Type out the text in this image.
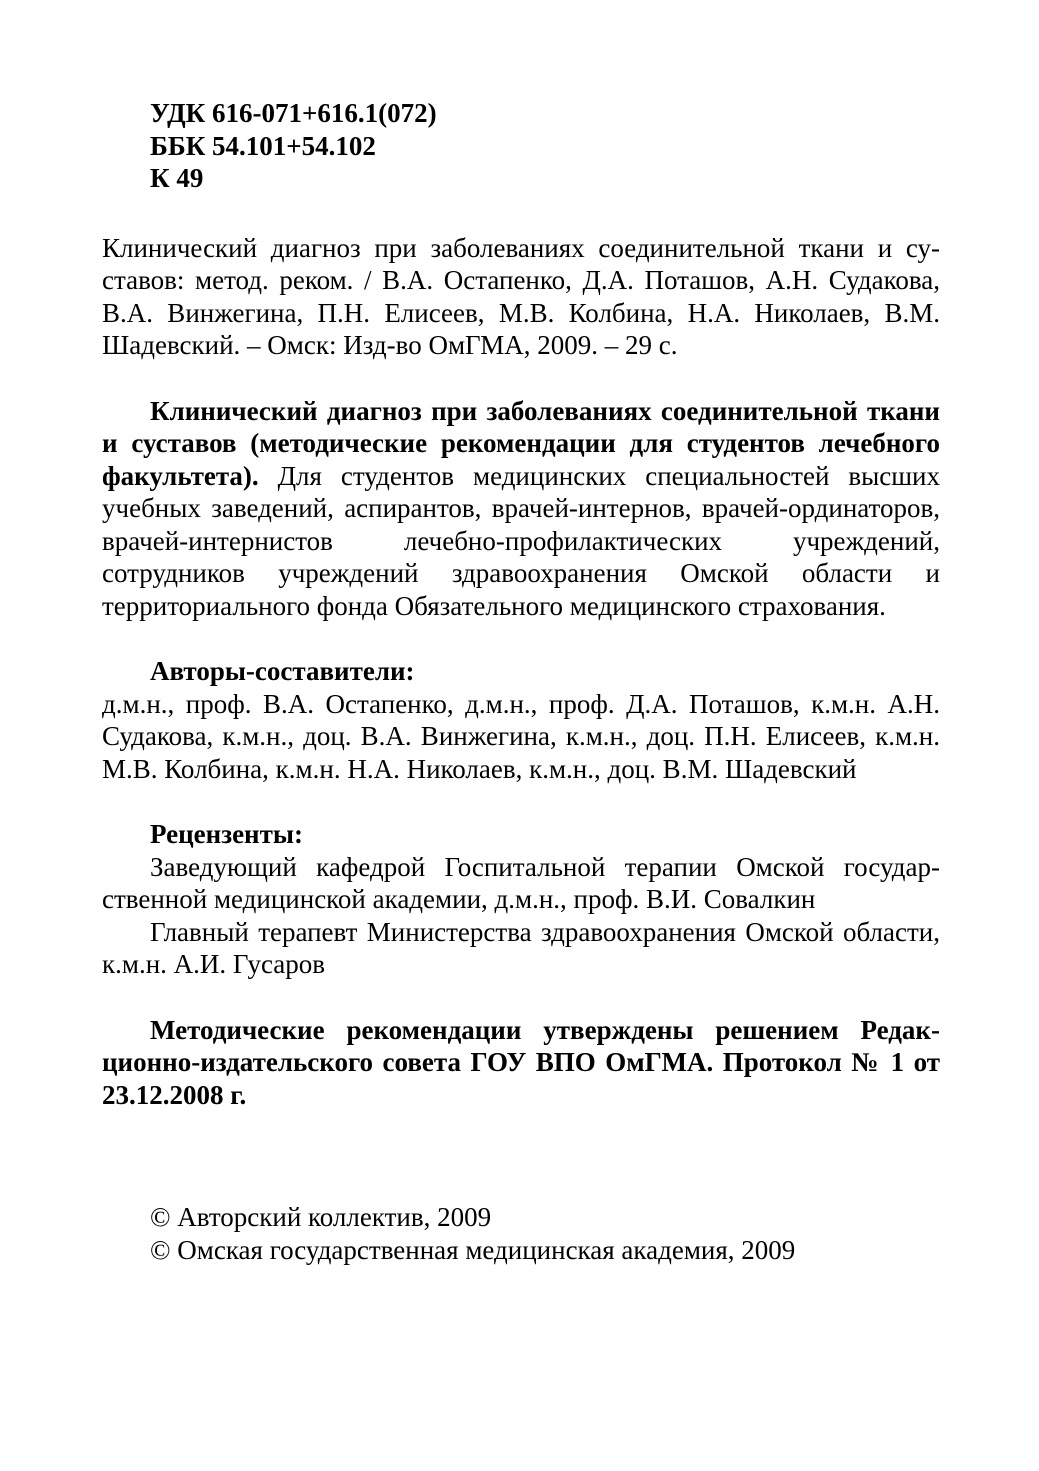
УДК 616-071+616.1(072)
ББК 54.101+54.102
К 49

Клинический диагноз при заболеваниях соединительной ткани и суставов: метод. реком. / В.А. Остапенко, Д.А. Поташов, А.Н. Судакова, В.А. Винжегина, П.Н. Елисеев, М.В. Колбина, Н.А. Николаев, В.М. Шадевский. – Омск: Изд-во ОмГМА, 2009. – 29 с.

Клинический диагноз при заболеваниях соединительной ткани и суставов (методические рекомендации для студентов лечебного факультета). Для студентов медицинских специальностей высших учебных заведений, аспирантов, врачей-интернов, врачей-ординаторов, врачей-интернистов лечебно-профилактических учреждений, сотрудников учреждений здравоохранения Омской области и территориального фонда Обязательного медицинского страхования.

Авторы-составители:

д.м.н., проф. В.А. Остапенко, д.м.н., проф. Д.А. Поташов, к.м.н. А.Н. Судакова, к.м.н., доц. В.А. Винжегина, к.м.н., доц. П.Н. Елисеев, к.м.н. М.В. Колбина, к.м.н. Н.А. Николаев, к.м.н., доц. В.М. Шадевский

Рецензенты:

Заведующий кафедрой Госпитальной терапии Омской государственной медицинской академии, д.м.н., проф. В.И. Совалкин

Главный терапевт Министерства здравоохранения Омской области, к.м.н. А.И. Гусаров

Методические рекомендации утверждены решением Редакционно-издательского совета ГОУ ВПО ОмГМА. Протокол № 1 от 23.12.2008 г.

© Авторский коллектив, 2009
© Омская государственная медицинская академия, 2009
